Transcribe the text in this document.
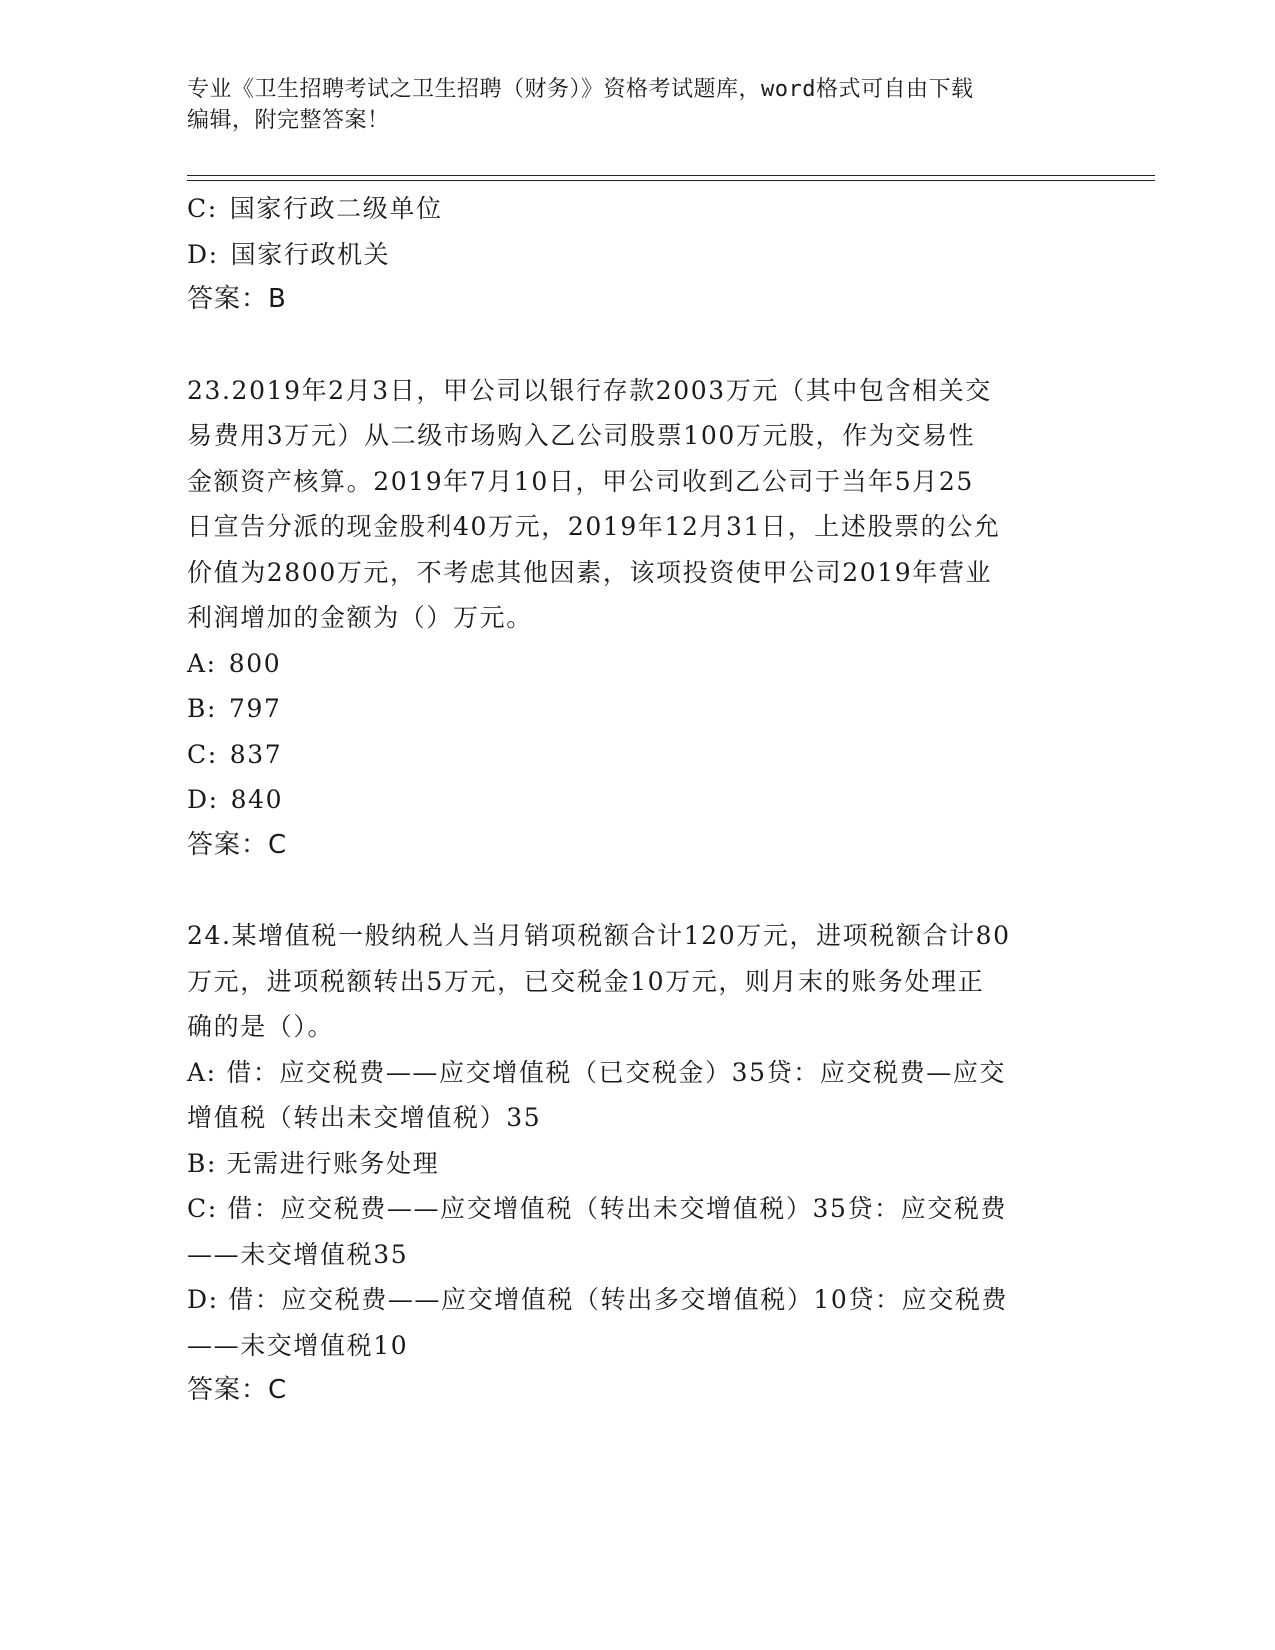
专业《卫生招聘考试之卫生招聘（财务）》资格考试题库，word格式可自由下载
编辑，附完整答案！

C: 国家行政二级单位

D: 国家行政机关

答案：B

23.2019年2月3日，甲公司以银行存款2003万元（其中包含相关交

易费用3万元）从二级市场购入乙公司股票100万元股，作为交易性

金额资产核算。2019年7月10日，甲公司收到乙公司于当年5月25

日宣告分派的现金股利40万元，2019年12月31日，上述股票的公允

价值为2800万元，不考虑其他因素，该项投资使甲公司2019年营业

利润增加的金额为（）万元。

A: 800

B: 797

C: 837

D: 840

答案：C

24.某增值税一般纳税人当月销项税额合计120万元，进项税额合计80

万元，进项税额转出5万元，已交税金10万元，则月末的账务处理正

确的是（）。

A: 借：应交税费——应交增值税（已交税金）35贷：应交税费—应交

增值税（转出未交增值税）35

B: 无需进行账务处理

C: 借：应交税费——应交增值税（转出未交增值税）35贷：应交税费

——未交增值税35

D: 借：应交税费——应交增值税（转出多交增值税）10贷：应交税费

——未交增值税10

答案：C
